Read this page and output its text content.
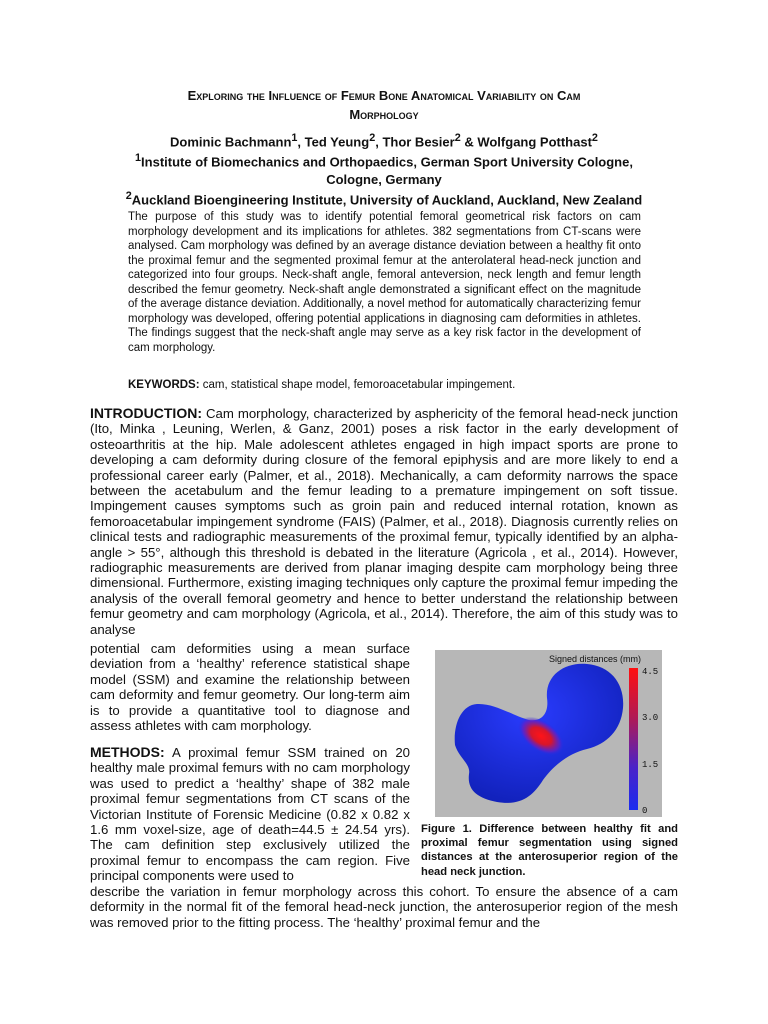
Exploring the Influence of Femur Bone Anatomical Variability on Cam
Morphology
Dominic Bachmann$^1$, Ted Yeung$^2$, Thor Besier$^2$ & Wolfgang Potthast$^2$
$^1$Institute of Biomechanics and Orthopaedics, German Sport University Cologne,
Cologne, Germany
$^2$Auckland Bioengineering Institute, University of Auckland, Auckland, New Zealand

The purpose of this study was to identify potential femoral geometrical risk factors on cam morphology development and its implications for athletes. 382 segmentations from CT-scans were analysed. Cam morphology was defined by an average distance deviation between a healthy fit onto the proximal femur and the segmented proximal femur at the anterolateral head-neck junction and categorized into four groups. Neck-shaft angle, femoral anteversion, neck length and femur length described the femur geometry. Neck-shaft angle demonstrated a significant effect on the magnitude of the average distance deviation. Additionally, a novel method for automatically characterizing femur morphology was developed, offering potential applications in diagnosing cam deformities in athletes. The findings suggest that the neck-shaft angle may serve as a key risk factor in the development of cam morphology.

KEYWORDS: cam, statistical shape model, femoroacetabular impingement.

INTRODUCTION: Cam morphology, characterized by asphericity of the femoral head-neck junction (Ito, Minka , Leuning, Werlen, & Ganz, 2001) poses a risk factor in the early development of osteoarthritis at the hip. Male adolescent athletes engaged in high impact sports are prone to developing a cam deformity during closure of the femoral epiphysis and are more likely to end a professional career early (Palmer, et al., 2018). Mechanically, a cam deformity narrows the space between the acetabulum and the femur leading to a premature impingement on soft tissue. Impingement causes symptoms such as groin pain and reduced internal rotation, known as femoroacetabular impingement syndrome (FAIS) (Palmer, et al., 2018). Diagnosis currently relies on clinical tests and radiographic measurements of the proximal femur, typically identified by an alpha-angle > 55°, although this threshold is debated in the literature (Agricola , et al., 2014). However, radiographic measurements are derived from planar imaging despite cam morphology being three dimensional. Furthermore, existing imaging techniques only capture the proximal femur impeding the analysis of the overall femoral geometry and hence to better understand the relationship between femur geometry and cam morphology (Agricola, et al., 2014). Therefore, the aim of this study was to analyse

potential cam deformities using a mean surface deviation from a ‘healthy’ reference statistical shape model (SSM) and examine the relationship between cam deformity and femur geometry. Our long-term aim is to provide a quantitative tool to diagnose and assess athletes with cam morphology.

METHODS: A proximal femur SSM trained on 20 healthy male proximal femurs with no cam morphology was used to predict a ‘healthy’ shape of 382 male proximal femur segmentations from CT scans of the Victorian Institute of Forensic Medicine (0.82 x 0.82 x 1.6 mm voxel-size, age of death=44.5 ± 24.54 yrs). The cam definition step exclusively utilized the proximal femur to encompass the cam region. Five principal components were used to

describe the variation in femur morphology across this cohort. To ensure the absence of a cam deformity in the normal fit of the femoral head-neck junction, the anterosuperior region of the mesh was removed prior to the fitting process. The ‘healthy’ proximal femur and the

Signed distances (mm)
4.5
3.0
1.5
0

Figure 1. Difference between healthy fit and proximal femur segmentation using signed distances at the anterosuperior region of the head neck junction.
